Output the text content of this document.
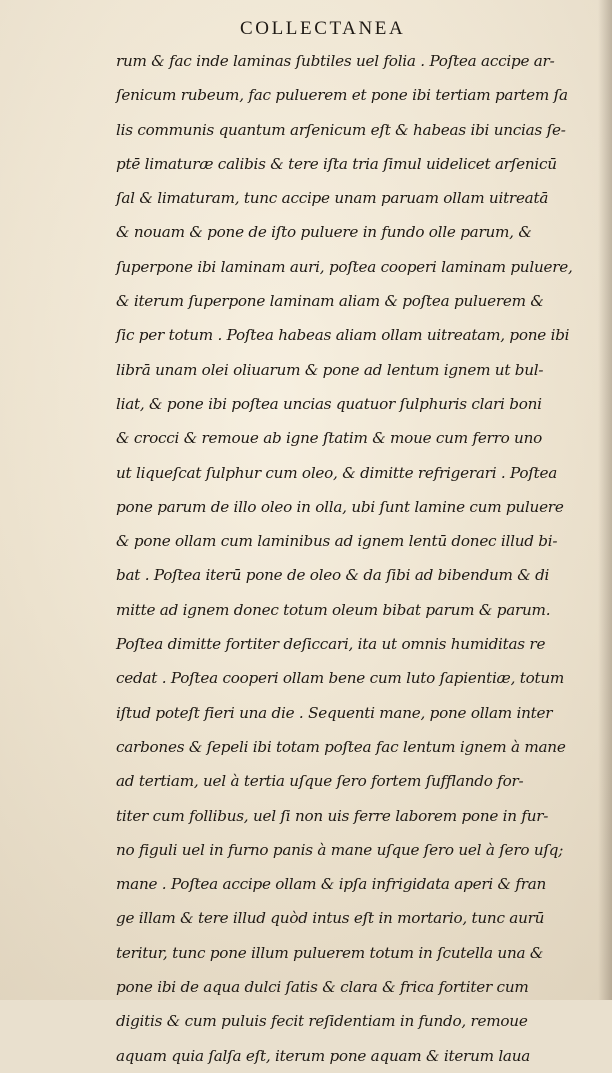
COLLECTANEA
rum & fac inde laminas ſubtiles uel folia . Poſtea accipe ar-
ſenicum rubeum, fac puluerem et pone ibi tertiam partem ſa
lis communis quantum arſenicum eſt & habeas ibi uncias ſe-
ptē limaturæ calibis & tere iſta tria ſimul uidelicet arſenicū
ſal & limaturam, tunc accipe unam paruam ollam uitreatā
& nouam & pone de iſto puluere in fundo olle parum, &
ſuperpone ibi laminam auri, poſtea cooperi laminam puluere,
& iterum ſuperpone laminam aliam & poſtea puluerem &
ſic per totum . Poſtea habeas aliam ollam uitreatam, pone ibi
librā unam olei oliuarum & pone ad lentum ignem ut bul-
liat, & pone ibi poſtea uncias quatuor ſulphuris clari boni
& crocci & remoue ab igne ſtatim & moue cum ferro uno
ut liqueſcat ſulphur cum oleo, & dimitte refrigerari . Poſtea
pone parum de illo oleo in olla, ubi ſunt lamine cum puluere
& pone ollam cum laminibus ad ignem lentū donec illud bi-
bat . Poſtea iterū pone de oleo & da ſibi ad bibendum & di
mitte ad ignem donec totum oleum bibat parum & parum.
Poſtea dimitte fortiter deſiccari, ita ut omnis humiditas re
cedat . Poſtea cooperi ollam bene cum luto ſapientiæ, totum
iſtud poteſt fieri una die . Sequenti mane, pone ollam inter
carbones & ſepeli ibi totam poſtea fac lentum ignem à mane
ad tertiam, uel à tertia uſque ſero fortem ſufflando for-
titer cum follibus, uel ſi non uis ferre laborem pone in fur-
no figuli uel in furno panis à mane uſque ſero uel à ſero uſq;
mane . Poſtea accipe ollam & ipſa infrigidata aperi & fran
ge illam & tere illud quòd intus eſt in mortario, tunc aurū
teritur, tunc pone illum puluerem totum in ſcutella una &
pone ibi de aqua dulci ſatis & clara & frica fortiter cum
digitis & cum puluis fecit reſidentiam in fundo, remoue
aquam quia ſalſa eſt, iterum pone aquam & iterum laua
